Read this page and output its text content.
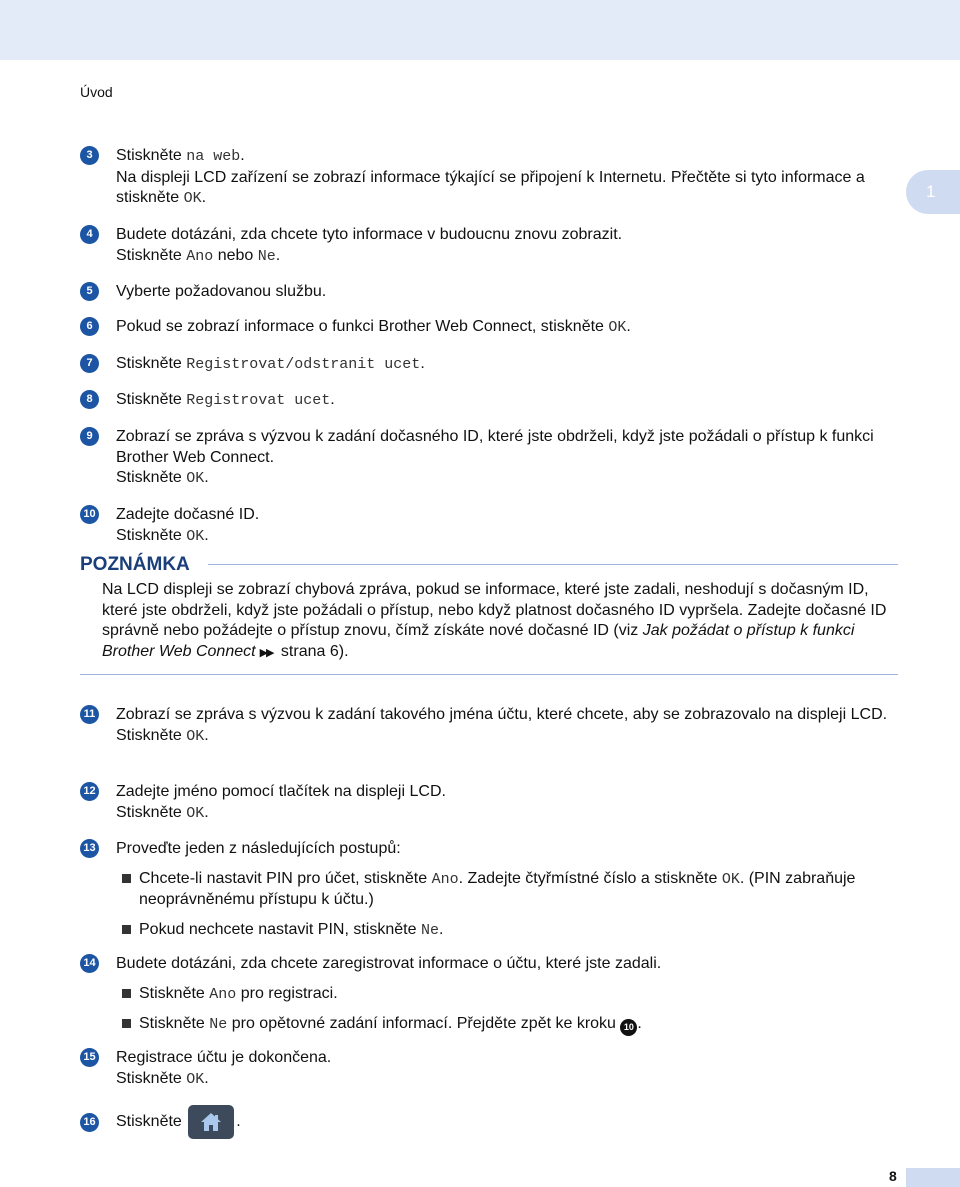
Úvod
1
3	Stiskněte na web.
Na displeji LCD zařízení se zobrazí informace týkající se připojení k Internetu. Přečtěte si tyto informace a stiskněte OK.
4	Budete dotázáni, zda chcete tyto informace v budoucnu znovu zobrazit.
Stiskněte Ano nebo Ne.
5	Vyberte požadovanou službu.
6	Pokud se zobrazí informace o funkci Brother Web Connect, stiskněte OK.
7	Stiskněte Registrovat/odstranit ucet.
8	Stiskněte Registrovat ucet.
9	Zobrazí se zpráva s výzvou k zadání dočasného ID, které jste obdrželi, když jste požádali o přístup k funkci Brother Web Connect.
Stiskněte OK.
10 Zadejte dočasné ID.
Stiskněte OK.
POZNÁMKA
Na LCD displeji se zobrazí chybová zpráva, pokud se informace, které jste zadali, neshodují s dočasným ID, které jste obdrželi, když jste požádali o přístup, nebo když platnost dočasného ID vypršela. Zadejte dočasné ID správně nebo požádejte o přístup znovu, čímž získáte nové dočasné ID (viz Jak požádat o přístup k funkci Brother Web Connect ▶▶ strana 6).
11 Zobrazí se zpráva s výzvou k zadání takového jména účtu, které chcete, aby se zobrazovalo na displeji LCD.
Stiskněte OK.
12 Zadejte jméno pomocí tlačítek na displeji LCD.
Stiskněte OK.
13 Proveďte jeden z následujících postupů:
Chcete-li nastavit PIN pro účet, stiskněte Ano. Zadejte čtyřmístné číslo a stiskněte OK. (PIN zabraňuje neoprávněnému přístupu k účtu.)
Pokud nechcete nastavit PIN, stiskněte Ne.
14 Budete dotázáni, zda chcete zaregistrovat informace o účtu, které jste zadali.
Stiskněte Ano pro registraci.
Stiskněte Ne pro opětovné zadání informací. Přejděte zpět ke kroku 10 .
15 Registrace účtu je dokončena.
Stiskněte OK.
16 Stiskněte	.
8
